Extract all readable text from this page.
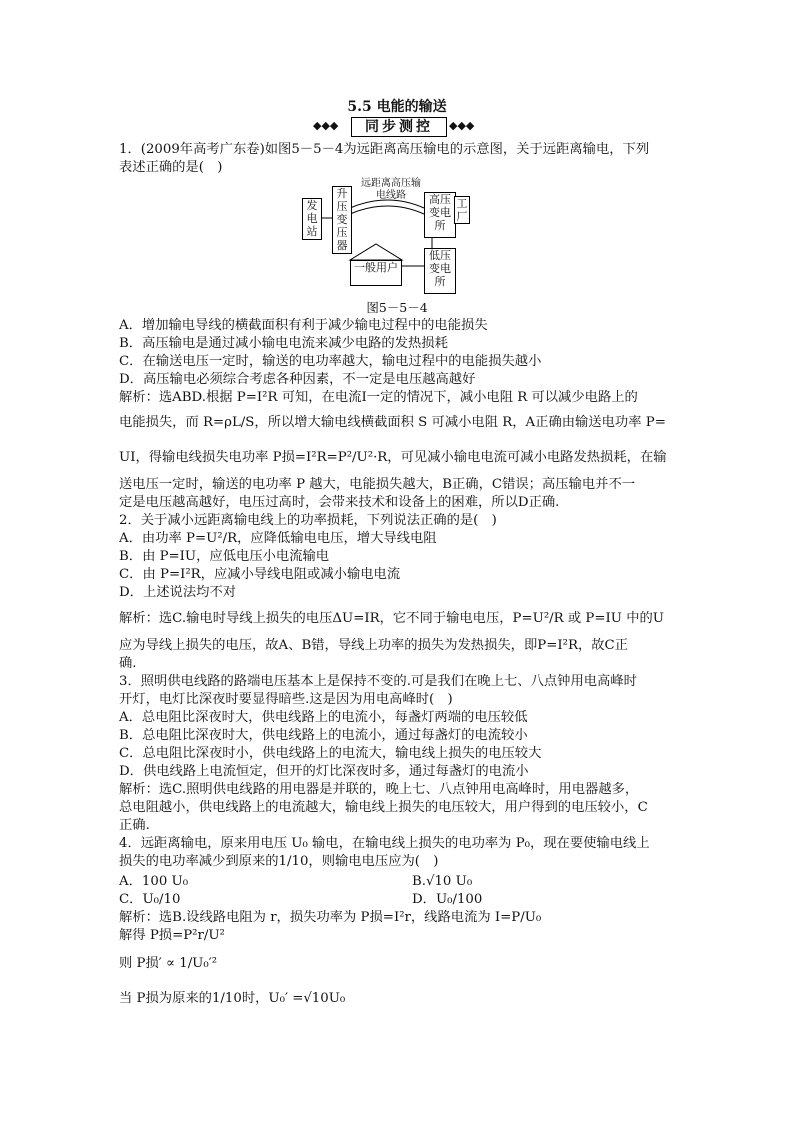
5.5 电能的输送
◆◆◆	同步测控	◆◆◆
1．(2009年高考广东卷)如图5－5－4为远距离高压输电的示意图，关于远距离输电，下列
表述正确的是(　)
发电站
升压变压器
远距离高压输电线路	高压变电所
工厂
一般用户
低压变电所
图5－5－4
A．增加输电导线的横截面积有利于减少输电过程中的电能损失
B．高压输电是通过减小输电电流来减少电路的发热损耗
C．在输送电压一定时，输送的电功率越大，输电过程中的电能损失越小
D．高压输电必须综合考虑各种因素，不一定是电压越高越好
解析：选ABD.根据 P=I²R 可知，在电流I一定的情况下，减小电阻 R 可以减少电路上的
电能损失，而 R=ρL/S，所以增大输电线横截面积 S 可减小电阻 R，A正确由输送电功率 P=
UI，得输电线损失电功率 P损=I²R=P²/U²·R，可见减小输电电流可减小电路发热损耗，在输
送电压一定时，输送的电功率 P 越大，电能损失越大，B正确，C错误；高压输电并不一
定是电压越高越好，电压过高时，会带来技术和设备上的困难，所以D正确.
2．关于减小远距离输电线上的功率损耗，下列说法正确的是(　)
A．由功率 P=U²/R，应降低输电电压，增大导线电阻
B．由 P=IU，应低电压小电流输电
C．由 P=I²R，应减小导线电阻或减小输电电流
D．上述说法均不对
解析：选C.输电时导线上损失的电压ΔU=IR，它不同于输电电压，P=U²/R 或 P=IU 中的U
应为导线上损失的电压，故A、B错，导线上功率的损失为发热损失，即P=I²R，故C正
确.
3．照明供电线路的路端电压基本上是保持不变的.可是我们在晚上七、八点钟用电高峰时
开灯，电灯比深夜时要显得暗些.这是因为用电高峰时(　)
A．总电阻比深夜时大，供电线路上的电流小，每盏灯两端的电压较低
B．总电阻比深夜时大，供电线路上的电流小，通过每盏灯的电流较小
C．总电阻比深夜时小，供电线路上的电流大，输电线上损失的电压较大
D．供电线路上电流恒定，但开的灯比深夜时多，通过每盏灯的电流小
解析：选C.照明供电线路的用电器是并联的，晚上七、八点钟用电高峰时，用电器越多，
总电阻越小，供电线路上的电流越大，输电线上损失的电压较大，用户得到的电压较小，C
正确.
4．远距离输电，原来用电压 U₀ 输电，在输电线上损失的电功率为 P₀，现在要使输电线上
损失的电功率减少到原来的1/10，则输电电压应为(　)
A．100 U₀	B.√10 U₀
C．U₀/10	D．U₀/100
解析：选B.设线路电阻为 r，损失功率为 P损=I²r，线路电流为 I=P/U₀
解得 P损=P²r/U²
则 P损′ ∝ 1/U₀′²
当 P损为原来的1/10时，U₀′ =√10U₀
